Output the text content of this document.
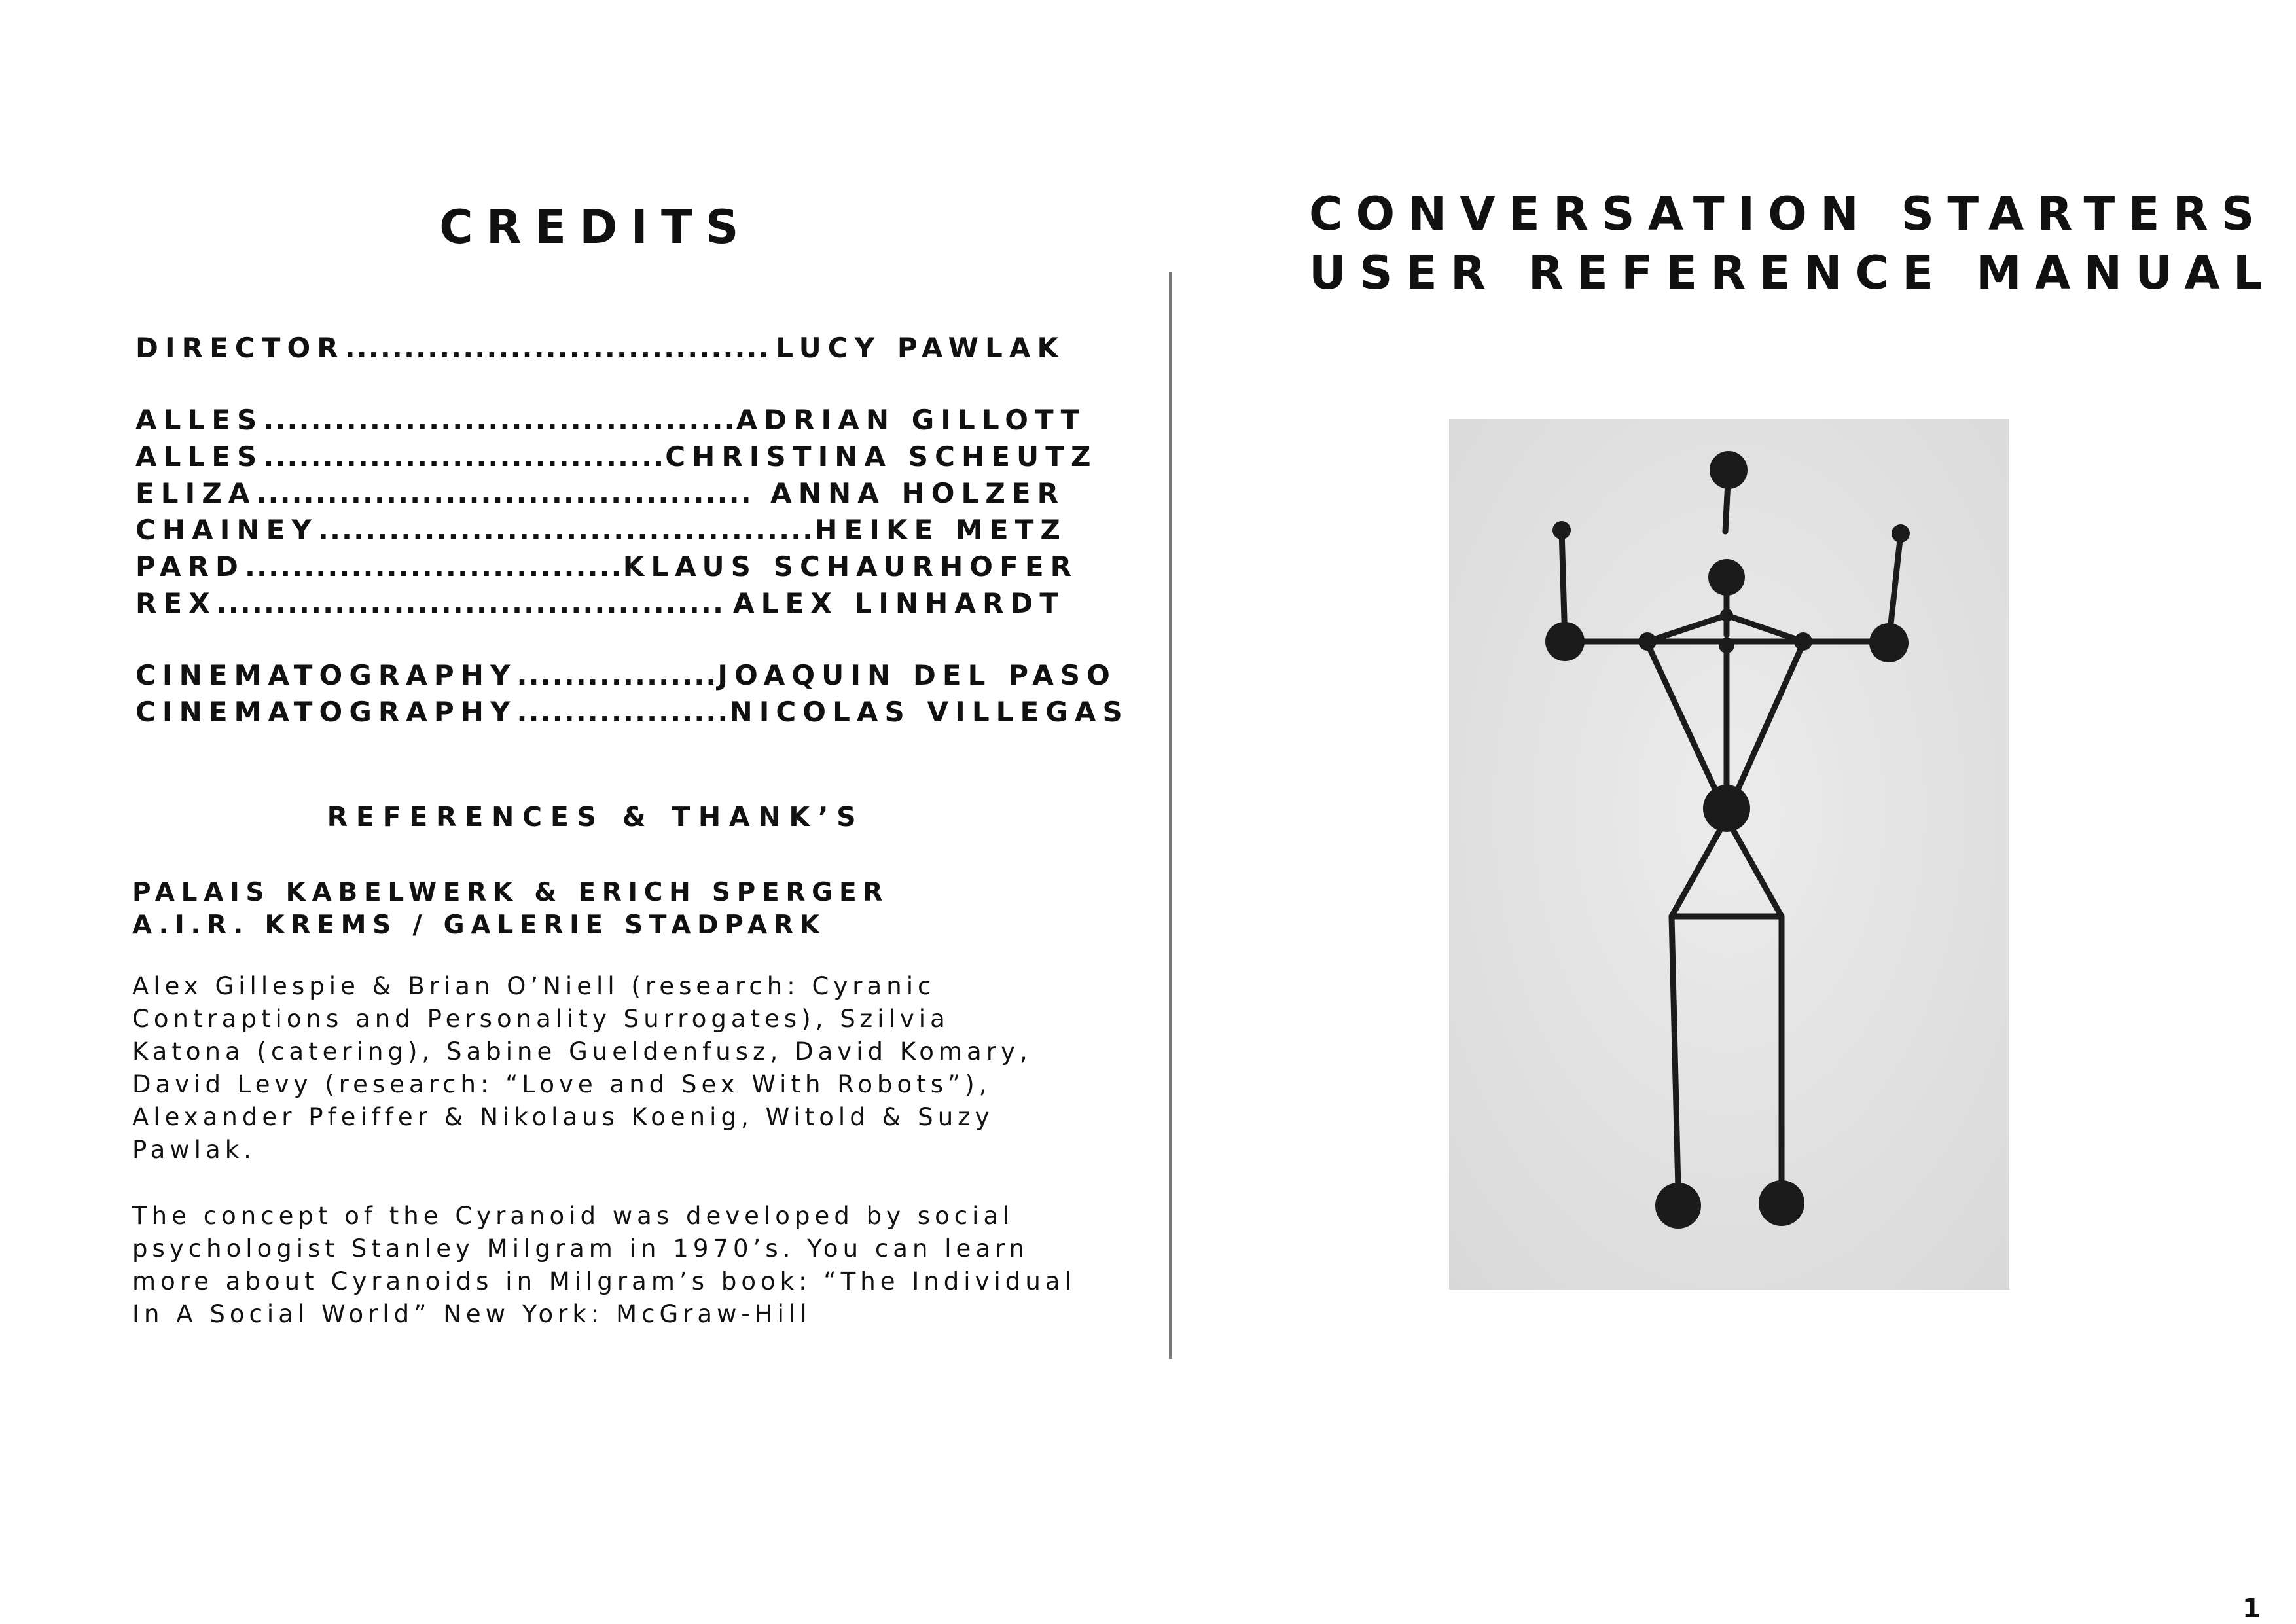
CREDITS
DIRECTOR .................................... LUCY PAWLAK
ALLES ........................................ ADRIAN GILLOTT
ALLES .................................. CHRISTINA SCHEUTZ
ELIZA .......................................... ANNA HOLZER
CHAINEY .......................................... HEIKE METZ
PARD ................................ KLAUS SCHAURHOFER
REX ........................................... ALEX LINHARDT
CINEMATOGRAPHY ................. JOAQUIN DEL PASO
CINEMATOGRAPHY .................. NICOLAS VILLEGAS
REFERENCES & THANK’S
PALAIS KABELWERK & ERICH SPERGER
A.I.R. KREMS / GALERIE STADPARK
Alex Gillespie & Brian O’Niell (research: Cyranic
Contraptions and Personality Surrogates), Szilvia
Katona (catering), Sabine Gueldenfusz, David Komary,
David Levy (research: “Love and Sex With Robots”),
Alexander Pfeiffer & Nikolaus Koenig, Witold & Suzy
Pawlak.
The concept of the Cyranoid was developed by social
psychologist Stanley Milgram in 1970’s. You can learn
more about Cyranoids in Milgram’s book: “The Individual
In A Social World” New York: McGraw-Hill
CONVERSATION STARTERS
USER REFERENCE MANUAL
1
